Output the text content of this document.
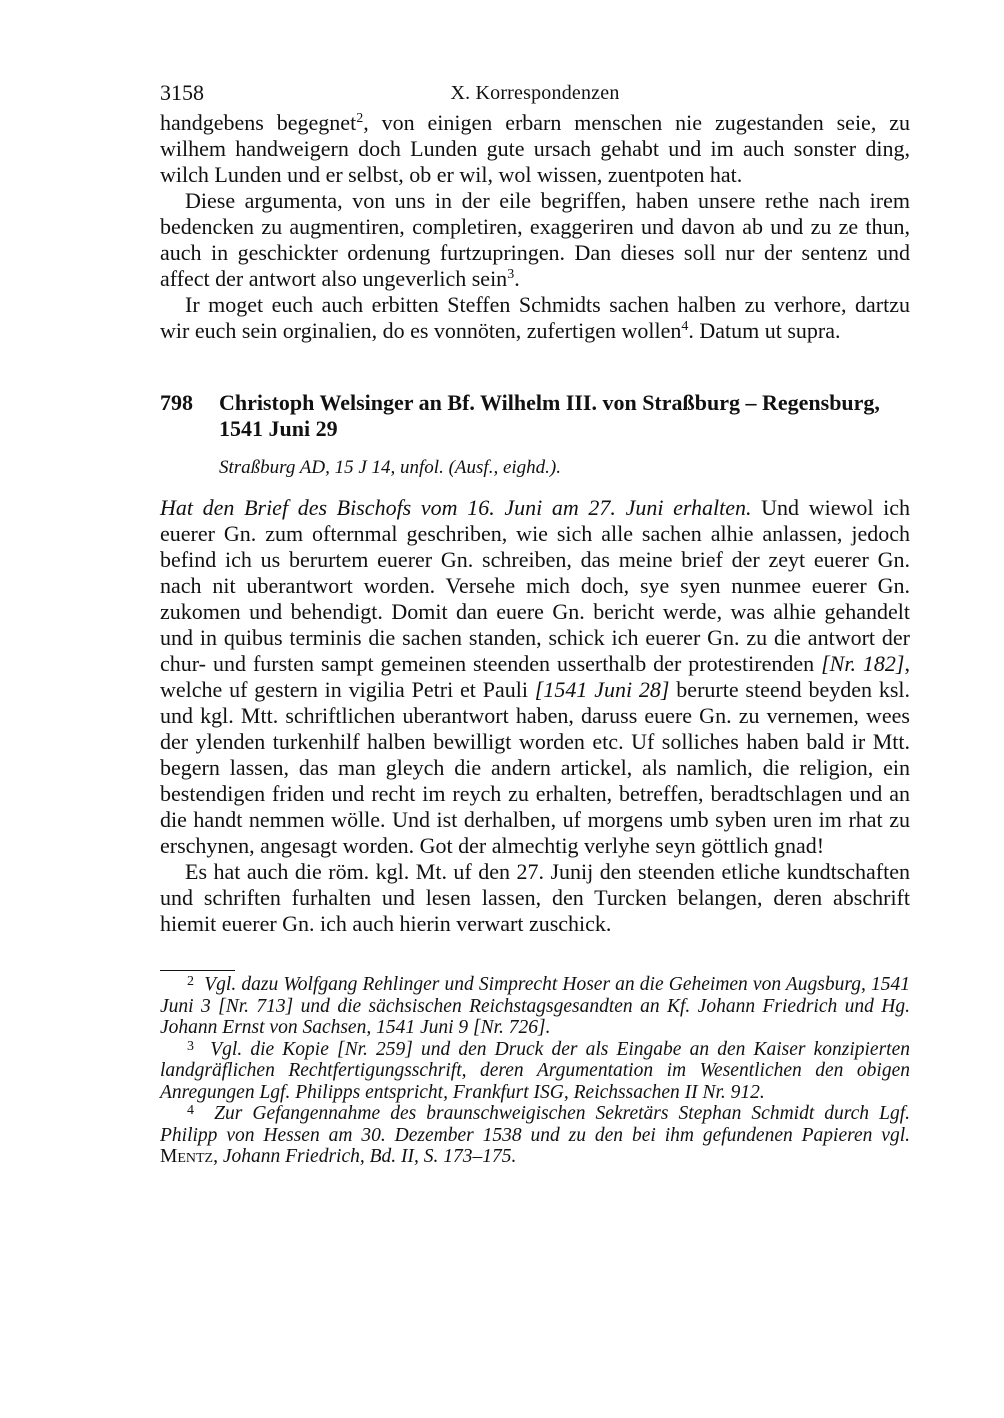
3158	X. Korrespondenzen

handgebens begegnet$^2$, von einigen erbarn menschen nie zugestanden seie, zu wilhem handweigern doch Lunden gute ursach gehabt und im auch sonster ding, wilch Lunden und er selbst, ob er wil, wol wissen, zuentpoten hat.

Diese argumenta, von uns in der eile begriffen, haben unsere rethe nach irem bedencken zu augmentiren, completiren, exaggeriren und davon ab und zu ze thun, auch in geschickter ordenung furtzupringen. Dan dieses soll nur der sentenz und affect der antwort also ungeverlich sein$^3$.

Ir moget euch auch erbitten Steffen Schmidts sachen halben zu verhore, dartzu wir euch sein orginalien, do es vonnöten, zufertigen wollen$^4$. Datum ut supra.

798 Christoph Welsinger an Bf. Wilhelm III. von Straßburg – Regensburg, 1541 Juni 29
Straßburg AD, 15 J 14, unfol. (Ausf., eighd.).

Hat den Brief des Bischofs vom 16. Juni am 27. Juni erhalten. Und wiewol ich euerer Gn. zum ofternmal geschriben, wie sich alle sachen alhie anlassen, jedoch befind ich us berurtem euerer Gn. schreiben, das meine brief der zeyt euerer Gn. nach nit uberantwort worden. Versehe mich doch, sye syen nunmee euerer Gn. zukomen und behendigt. Domit dan euere Gn. bericht werde, was alhie gehandelt und in quibus terminis die sachen standen, schick ich euerer Gn. zu die antwort der chur- und fursten sampt gemeinen steenden usserthalb der protestirenden [Nr. 182], welche uf gestern in vigilia Petri et Pauli [1541 Juni 28] berurte steend beyden ksl. und kgl. Mtt. schriftlichen uberantwort haben, daruss euere Gn. zu vernemen, wees der ylenden turkenhilf halben bewilligt worden etc. Uf solliches haben bald ir Mtt. begern lassen, das man gleych die andern artickel, als namlich, die religion, ein bestendigen friden und recht im reych zu erhalten, betreffen, beradtschlagen und an die handt nemmen wölle. Und ist derhalben, uf morgens umb syben uren im rhat zu erschynen, angesagt worden. Got der almechtig verlyhe seyn göttlich gnad!

Es hat auch die röm. kgl. Mt. uf den 27. Junij den steenden etliche kundtschaften und schriften furhalten und lesen lassen, den Turcken belangen, deren abschrift hiemit euerer Gn. ich auch hierin verwart zuschick.

$^2$ Vgl. dazu Wolfgang Rehlinger und Simprecht Hoser an die Geheimen von Augsburg, 1541 Juni 3 [Nr. 713] und die sächsischen Reichstagsgesandten an Kf. Johann Friedrich und Hg. Johann Ernst von Sachsen, 1541 Juni 9 [Nr. 726].

$^3$ Vgl. die Kopie [Nr. 259] und den Druck der als Eingabe an den Kaiser konzipierten landgräflichen Rechtfertigungsschrift, deren Argumentation im Wesentlichen den obigen Anregungen Lgf. Philipps entspricht, Frankfurt ISG, Reichssachen II Nr. 912.

$^4$ Zur Gefangennahme des braunschweigischen Sekretärs Stephan Schmidt durch Lgf. Philipp von Hessen am 30. Dezember 1538 und zu den bei ihm gefundenen Papieren vgl. Mentz, Johann Friedrich, Bd. II, S. 173–175.
